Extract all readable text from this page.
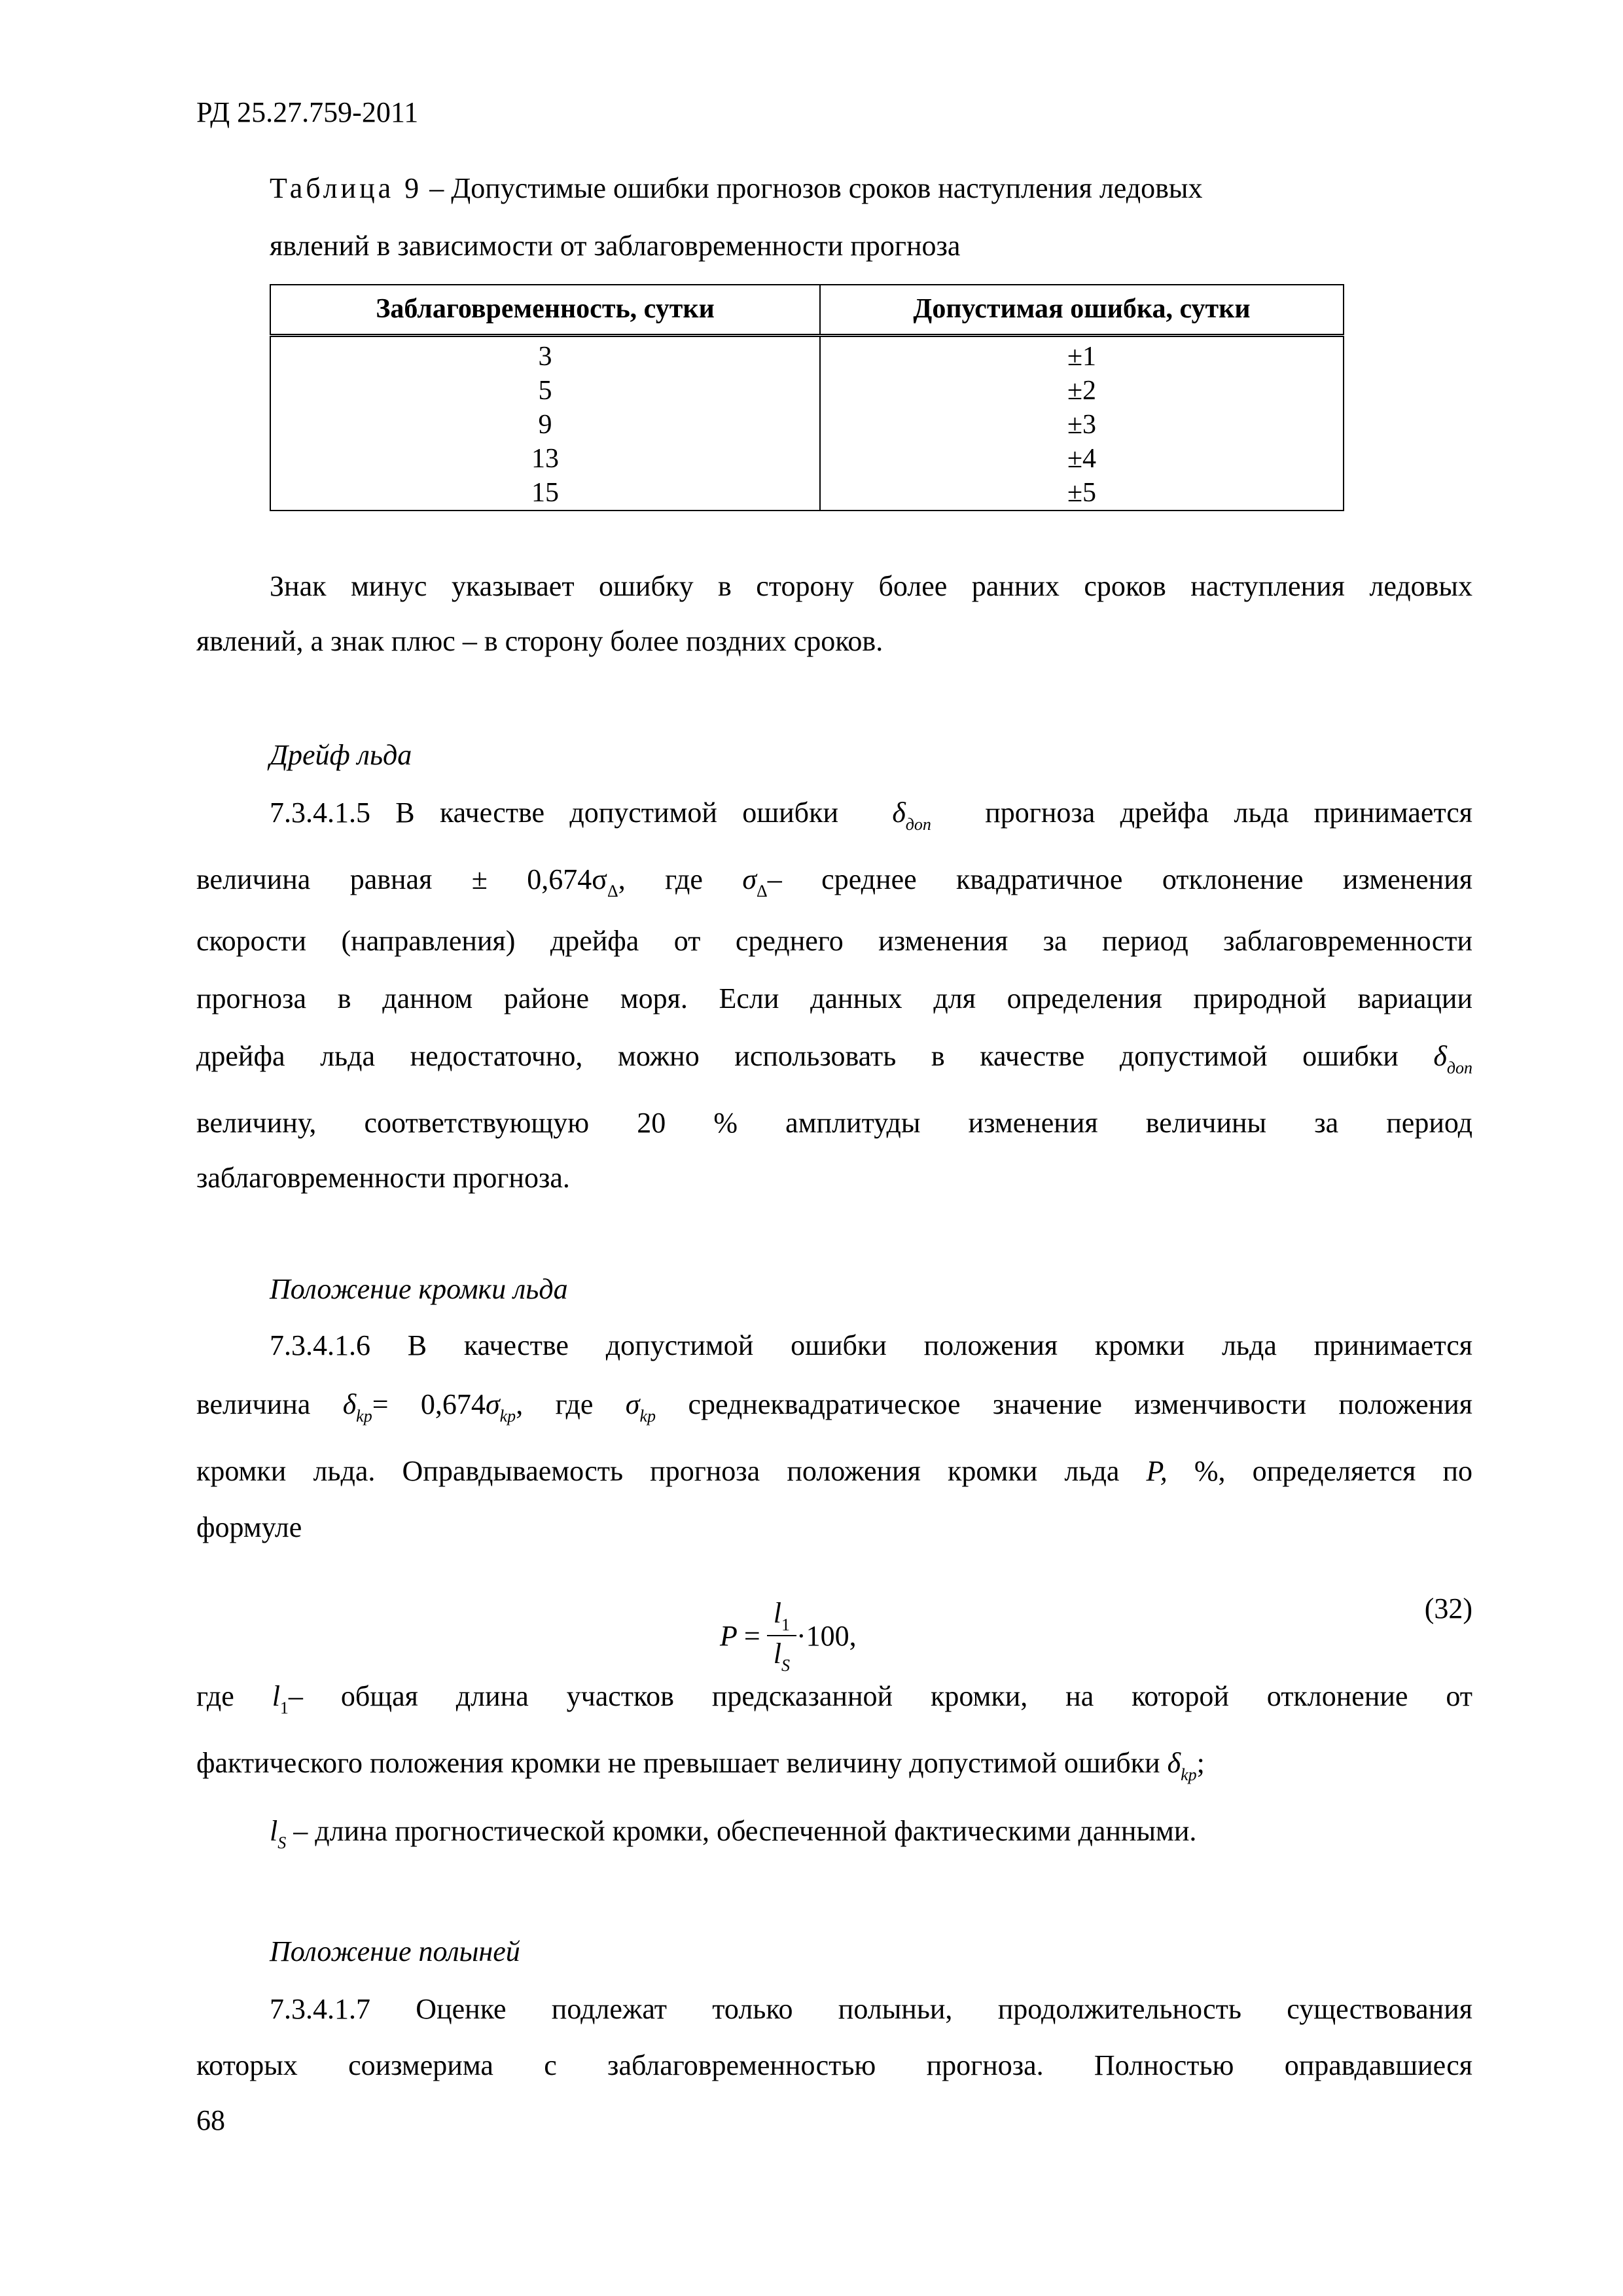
РД 25.27.759-2011
Таблица 9 – Допустимые ошибки прогнозов сроков наступления ледовых
явлений в зависимости от заблаговременности прогноза
Заблаговременность, сутки	Допустимая ошибка, сутки
3	±1
5	±2
9	±3
13	±4
15	±5
Знак минус указывает ошибку в сторону более ранних сроков наступления ледовых
явлений, а знак плюс – в сторону более поздних сроков.
Дрейф льда
7.3.4.1.5 В качестве допустимой ошибки   $\delta_{доп}$  прогноза дрейфа льда принимается
величина равная ± $0,674\sigma_\Delta$, где $\sigma_\Delta-$ среднее квадратичное отклонение изменения
скорости (направления) дрейфа от среднего изменения за период заблаговременности
прогноза в данном районе моря. Если данных для определения природной вариации
дрейфа льда недостаточно, можно использовать в качестве допустимой ошибки $\delta_{доп}$
величину, соответствующую 20 % амплитуды изменения величины за период
заблаговременности прогноза.
Положение кромки льда
7.3.4.1.6 В качестве допустимой ошибки положения кромки льда принимается
величина $\delta_{kp}= 0,674\sigma_{kp}$, где $\sigma_{kp}$ среднеквадратическое значение изменчивости положения
кромки льда. Оправдываемость прогноза положения кромки льда P, %, определяется по
формуле
$P = \frac{l_1}{l_S} \cdot 100$ ,
(32)
где $l_1-$ общая длина участков предсказанной кромки, на которой отклонение от
фактического положения кромки не превышает величину допустимой ошибки $\delta_{kp}$;
$l_S$ – длина прогностической кромки, обеспеченной фактическими данными.
Положение полыней
7.3.4.1.7 Оценке подлежат только полыньи, продолжительность существования
которых соизмерима с заблаговременностью прогноза. Полностью оправдавшиеся
68
